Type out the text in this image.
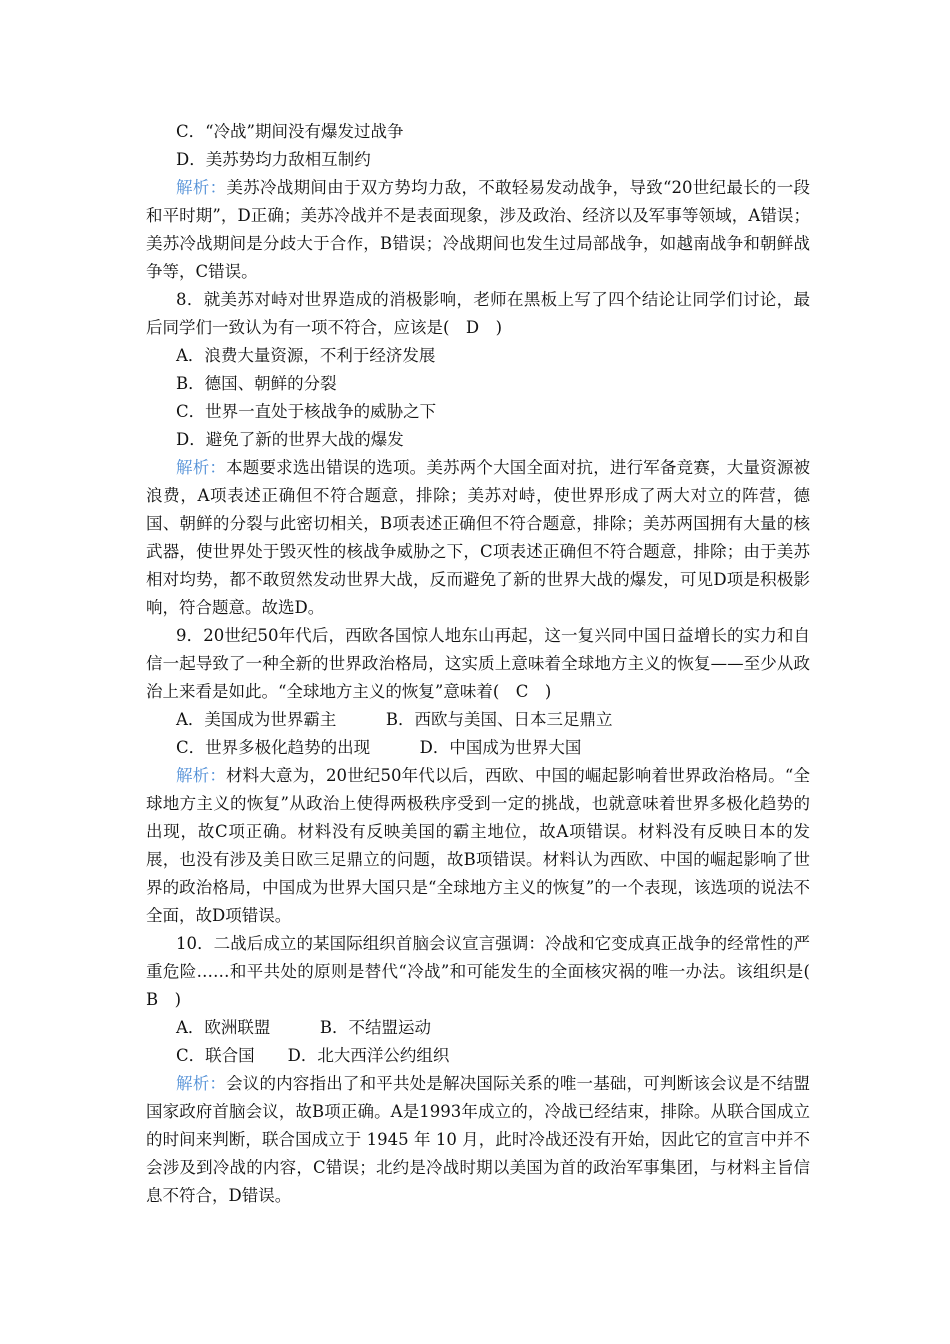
C．“冷战”期间没有爆发过战争

D．美苏势均力敌相互制约

解析：美苏冷战期间由于双方势均力敌，不敢轻易发动战争，导致“20世纪最长的一段和平时期”，D正确；美苏冷战并不是表面现象，涉及政治、经济以及军事等领域，A错误；美苏冷战期间是分歧大于合作，B错误；冷战期间也发生过局部战争，如越南战争和朝鲜战争等，C错误。

8．就美苏对峙对世界造成的消极影响，老师在黑板上写了四个结论让同学们讨论，最后同学们一致认为有一项不符合，应该是(　D　)

A．浪费大量资源，不利于经济发展

B．德国、朝鲜的分裂

C．世界一直处于核战争的威胁之下

D．避免了新的世界大战的爆发

解析：本题要求选出错误的选项。美苏两个大国全面对抗，进行军备竞赛，大量资源被浪费，A项表述正确但不符合题意，排除；美苏对峙，使世界形成了两大对立的阵营，德国、朝鲜的分裂与此密切相关，B项表述正确但不符合题意，排除；美苏两国拥有大量的核武器，使世界处于毁灭性的核战争威胁之下，C项表述正确但不符合题意，排除；由于美苏相对均势，都不敢贸然发动世界大战，反而避免了新的世界大战的爆发，可见D项是积极影响，符合题意。故选D。

9．20世纪50年代后，西欧各国惊人地东山再起，这一复兴同中国日益增长的实力和自信一起导致了一种全新的世界政治格局，这实质上意味着全球地方主义的恢复——至少从政治上来看是如此。“全球地方主义的恢复”意味着(　C　)

A．美国成为世界霸主　　　B．西欧与美国、日本三足鼎立

C．世界多极化趋势的出现　　　D．中国成为世界大国

解析：材料大意为，20世纪50年代以后，西欧、中国的崛起影响着世界政治格局。“全球地方主义的恢复”从政治上使得两极秩序受到一定的挑战，也就意味着世界多极化趋势的出现，故C项正确。材料没有反映美国的霸主地位，故A项错误。材料没有反映日本的发展，也没有涉及美日欧三足鼎立的问题，故B项错误。材料认为西欧、中国的崛起影响了世界的政治格局，中国成为世界大国只是“全球地方主义的恢复”的一个表现，该选项的说法不全面，故D项错误。

10．二战后成立的某国际组织首脑会议宣言强调：冷战和它变成真正战争的经常性的严重危险……和平共处的原则是替代“冷战”和可能发生的全面核灾祸的唯一办法。该组织是(　B　)

A．欧洲联盟　　　B．不结盟运动

C．联合国　　D．北大西洋公约组织

解析：会议的内容指出了和平共处是解决国际关系的唯一基础，可判断该会议是不结盟国家政府首脑会议，故B项正确。A是1993年成立的，冷战已经结束，排除。从联合国成立的时间来判断，联合国成立于 1945 年 10 月，此时冷战还没有开始，因此它的宣言中并不会涉及到冷战的内容，C错误；北约是冷战时期以美国为首的政治军事集团，与材料主旨信息不符合，D错误。
